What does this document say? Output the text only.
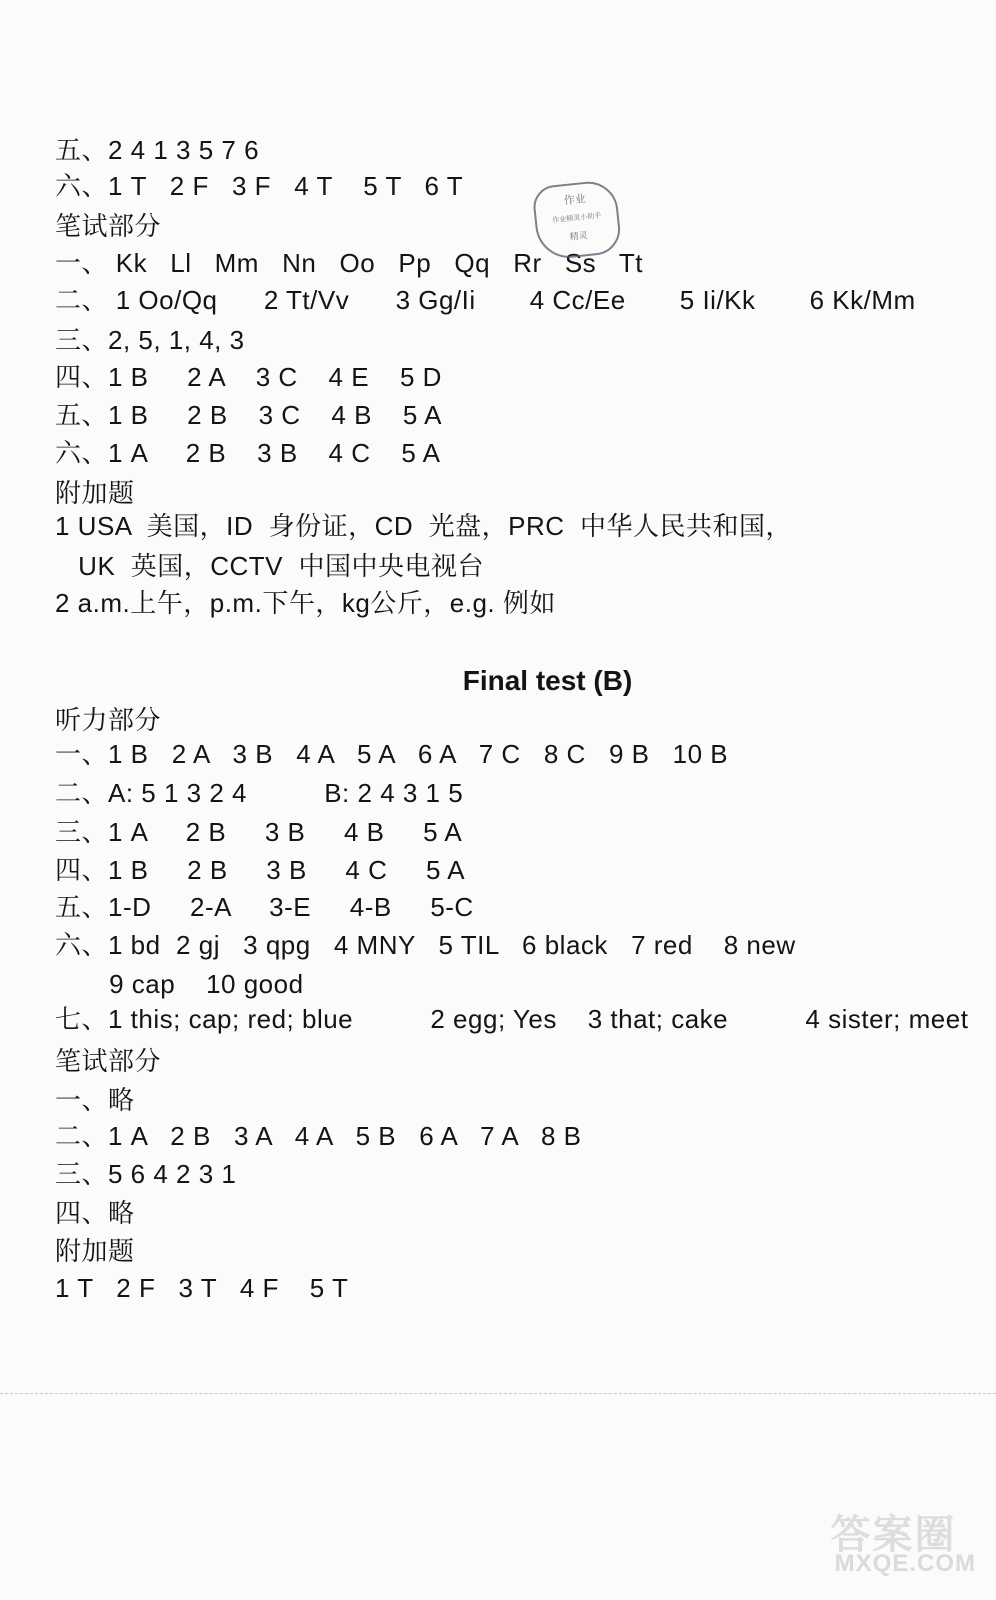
五、2 4 1 3 5 7 6
六、1 T   2 F   3 F   4 T    5 T   6 T
笔试部分
一、 Kk   Ll   Mm   Nn   Oo   Pp   Qq   Rr   Ss   Tt
二、 1 Oo/Qq      2 Tt/Vv      3 Gg/Ii       4 Cc/Ee       5 Ii/Kk       6 Kk/Mm
三、2, 5, 1, 4, 3
四、1 B     2 A    3 C    4 E    5 D
五、1 B     2 B    3 C    4 B    5 A
六、1 A     2 B    3 B    4 C    5 A
附加题
1 USA  美国，ID  身份证，CD  光盘，PRC  中华人民共和国，
UK  英国，CCTV  中国中央电视台
2 a.m.上午，p.m.下午，kg公斤，e.g. 例如
Final test (B)
听力部分
一、1 B   2 A   3 B   4 A   5 A   6 A   7 C   8 C   9 B   10 B
二、A: 5 1 3 2 4          B: 2 4 3 1 5
三、1 A     2 B     3 B     4 B     5 A
四、1 B     2 B     3 B     4 C     5 A
五、1-D     2-A     3-E     4-B     5-C
六、1 bd  2 gj   3 qpg   4 MNY   5 TIL   6 black   7 red    8 new
9 cap    10 good
七、1 this; cap; red; blue          2 egg; Yes    3 that; cake          4 sister; meet
笔试部分
一、略
二、1 A   2 B   3 A   4 A   5 B   6 A   7 A   8 B
三、5 6 4 2 3 1
四、略
附加题
1 T   2 F   3 T   4 F    5 T
作业
作业精灵小助手
精灵
答案圈
MXQE.COM
